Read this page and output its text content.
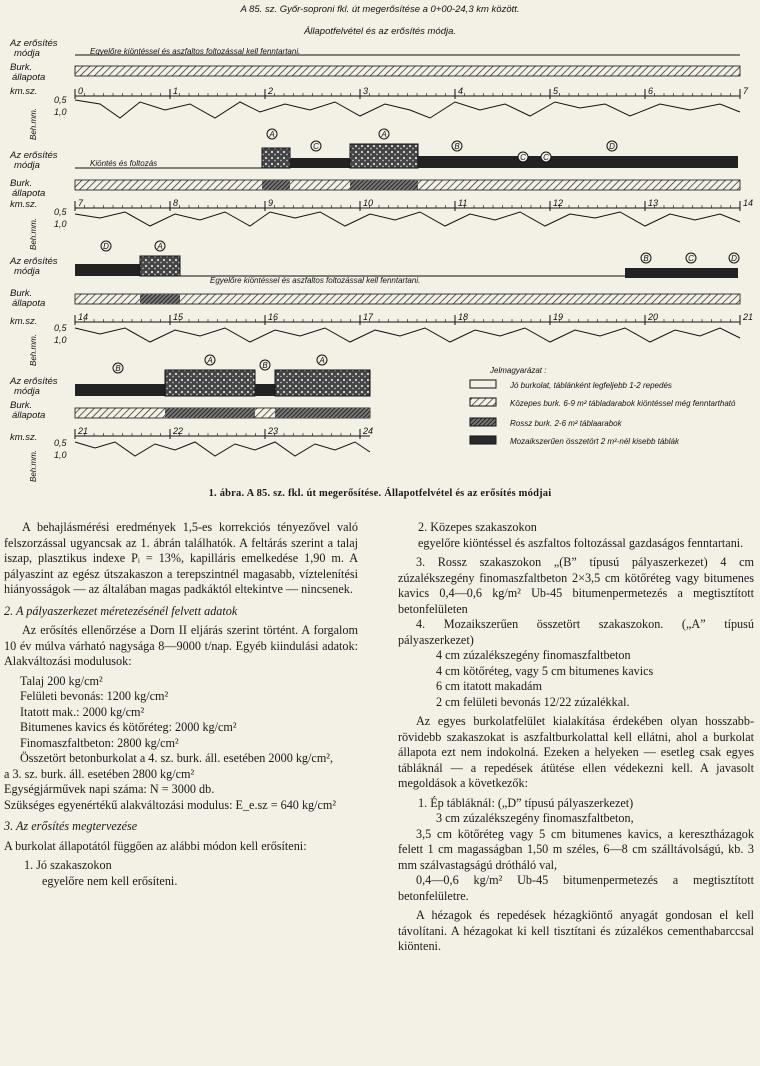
A 85. sz. Győr-soproni fkl. út megerősítése a 0+00-24,3 km között.
Állapotfelvétel és az erősítés módja.
Az erősítés
módja	Egyelőre kiöntéssel és aszfaltos foltozással kell fenntartani.
Burk.
állapota
km.sz.	0	1	2	3	4	5	6	7
0,5
1,0
Beh.mm.
Az erősítés
módja	Kiöntés és foltozás
A
C
A
B
C C
D
Burk.
állapota
km.sz.	7	8	9	10	11	12	13	14
0,5
1,0
Beh.mm.
Az erősítés
módja
Egyelőre kiöntéssel és aszfaltos foltozással kell fenntartani.
D	A
B	C	D
Burk.
állapota
km.sz.	14	15	16	17	18	19	20	21
0,5
1,0
Beh.mm.
Az erősítés
módja
B
A
B
A
Burk.
állapota
km.sz.
21	22	23	24
0,5
1,0
Beh.mm.
Jelmagyarázat :
Jó burkolat, táblánként legfeljebb 1-2 repedés
Közepes burk. 6-9 m² tábladarabok kiöntéssel még fenntartható
Rossz burk. 2-6 m² táblaarabok
Mozaikszerűen összetört 2 m²-nél kisebb táblák
1. ábra. A 85. sz. fkl. út megerősítése. Állapotfelvétel és az erősítés módjai

A behajlásmérési eredmények 1,5-es korrekciós tényezővel való felszorzással ugyancsak az 1. ábrán találhatók. A feltárás szerint a talaj iszap, plasztikus indexe Pᵢ = 13%, kapilláris emelkedése 1,90 m. A pályaszint az egész útszakaszon a terepszintnél magasabb, víztelenítési hiányosságok — az általában magas padkáktól eltekintve — nincsenek.

2. A pályaszerkezet méretezésénél felvett adatok

Az erősítés ellenőrzése a Dorn II eljárás szerint történt. A forgalom 10 év múlva várható nagysága 8—9000 t/nap. Egyéb kiindulási adatok: Alakváltozási modulusok:

Talaj 200 kg/cm²

Felületi bevonás: 1200 kg/cm²

Itatott mak.: 2000 kg/cm²

Bitumenes kavics és kötőréteg: 2000 kg/cm²

Finomaszfaltbeton: 2800 kg/cm²

Összetört betonburkolat a 4. sz. burk. áll. esetében 2000 kg/cm²,

a 3. sz. burk. áll. esetében 2800 kg/cm²

Egységjárművek napi száma: N = 3000 db.

Szükséges egyenértékű alakváltozási modulus: E_e.sz = 640 kg/cm²

3. Az erősítés megtervezése

A burkolat állapotától függően az alábbi módon kell erősíteni:

1. Jó szakaszokon

egyelőre nem kell erősíteni.

2. Közepes szakaszokon

egyelőre kiöntéssel és aszfaltos foltozással gazdaságos fenntartani.

3. Rossz szakaszokon „(B” típusú pályaszerkezet) 4 cm zúzalékszegény finomaszfaltbeton 2×3,5 cm kötőréteg vagy bitumenes kavics 0,4—0,6 kg/m² Ub-45 bitumenpermetezés a megtisztított betonfelületen

4. Mozaikszerűen összetört szakaszokon. („A” típusú pályaszerkezet)

4 cm zúzalékszegény finomaszfaltbeton

4 cm kötőréteg, vagy 5 cm bitumenes kavics

6 cm itatott makadám

2 cm felületi bevonás 12/22 zúzalékkal.

Az egyes burkolatfelület kialakítása érdekében olyan hosszabb-rövidebb szakaszokat is aszfaltburkolattal kell ellátni, ahol a burkolat állapota ezt nem indokolná. Ezeken a helyeken — esetleg csak egyes tábláknál — a repedések átütése ellen védekezni kell. A javasolt megoldások a következők:

1. Ép tábláknál: („D” típusú pályaszerkezet)

3 cm zúzalékszegény finomaszfaltbeton,

3,5 cm kötőréteg vagy 5 cm bitumenes kavics, a keresztházagok felett 1 cm magasságban 1,50 m széles, 6—8 cm szálltávolságú, kb. 3 mm szálvastagságú drótháló val,

0,4—0,6 kg/m² Ub-45 bitumenpermetezés a megtisztított betonfelületre.

A hézagok és repedések hézagkiöntő anyagát gondosan el kell távolítani. A hézagokat ki kell tisztítani és zúzalékos cementhabarccsal kiönteni.
